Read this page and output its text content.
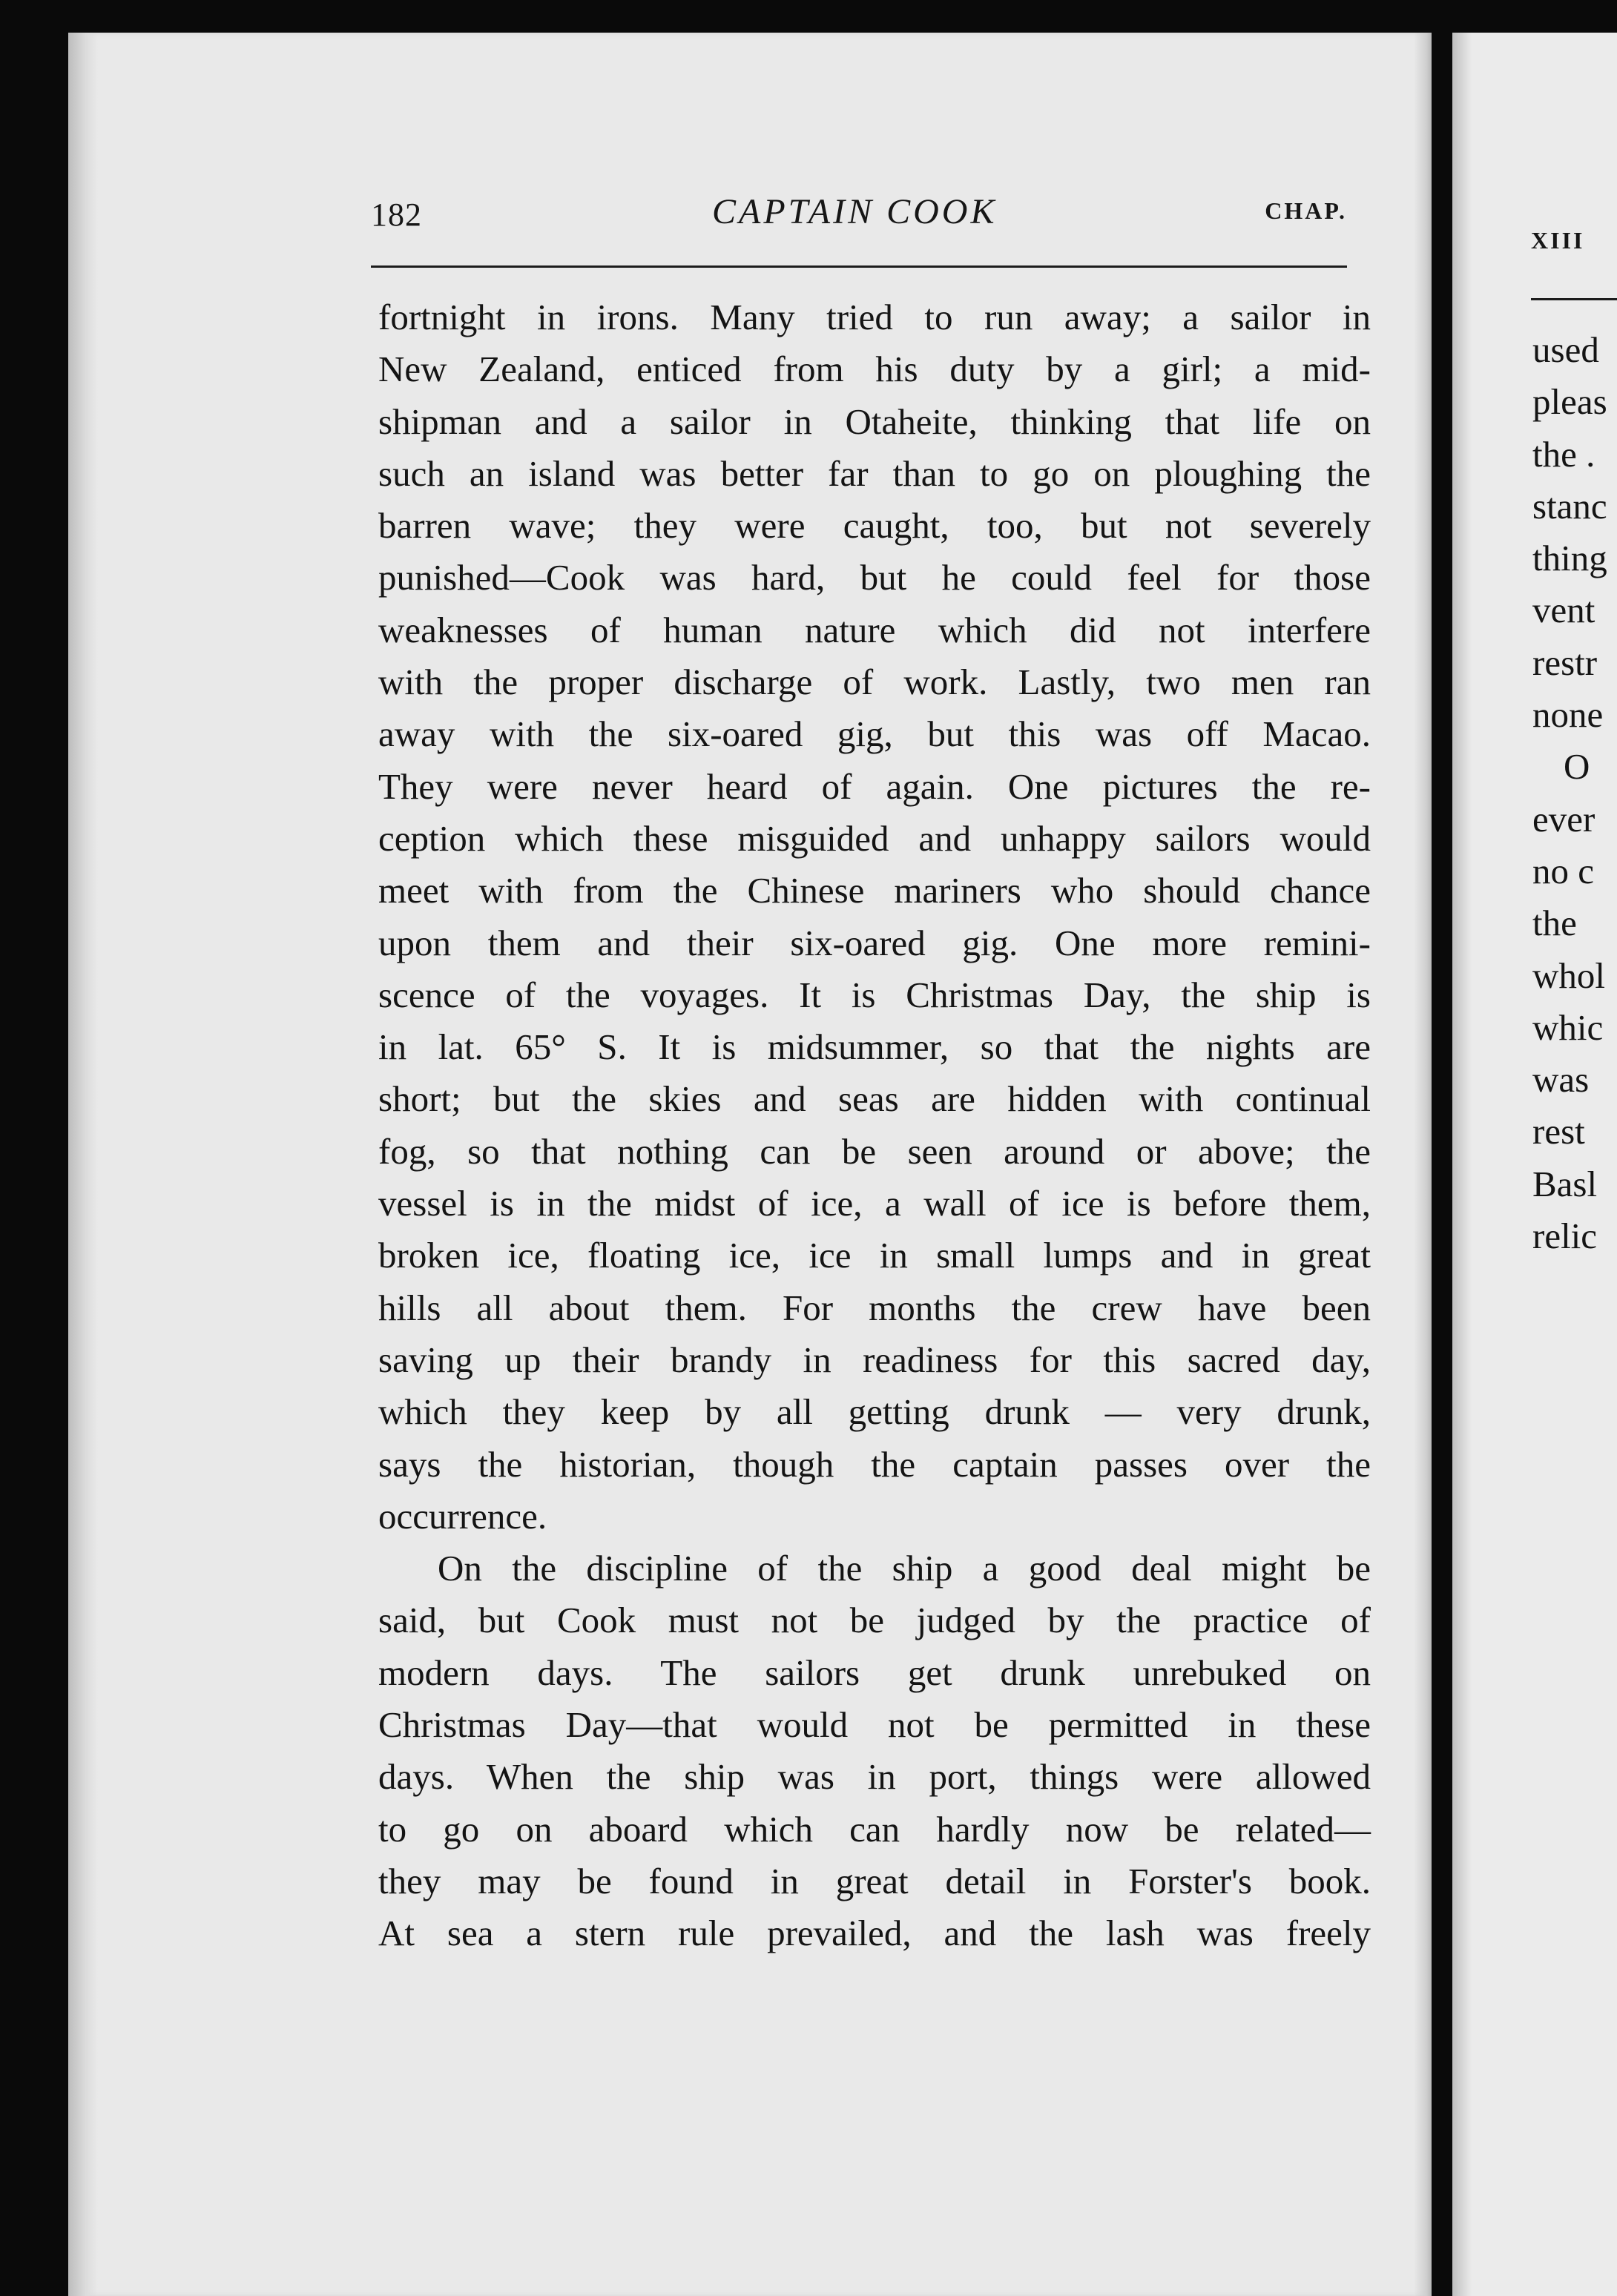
182	CAPTAIN COOK	CHAP.
fortnight in irons. Many tried to run away; a sailor in
New Zealand, enticed from his duty by a girl; a mid-
shipman and a sailor in Otaheite, thinking that life on
such an island was better far than to go on ploughing the
barren wave; they were caught, too, but not severely
punished—Cook was hard, but he could feel for those
weaknesses of human nature which did not interfere
with the proper discharge of work. Lastly, two men ran
away with the six-oared gig, but this was off Macao.
They were never heard of again. One pictures the re-
ception which these misguided and unhappy sailors would
meet with from the Chinese mariners who should chance
upon them and their six-oared gig. One more remini-
scence of the voyages. It is Christmas Day, the ship is
in lat. 65° S. It is midsummer, so that the nights are
short; but the skies and seas are hidden with continual
fog, so that nothing can be seen around or above; the
vessel is in the midst of ice, a wall of ice is before them,
broken ice, floating ice, ice in small lumps and in great
hills all about them. For months the crew have been
saving up their brandy in readiness for this sacred day,
which they keep by all getting drunk — very drunk,
says the historian, though the captain passes over the
occurrence.
On the discipline of the ship a good deal might be
said, but Cook must not be judged by the practice of
modern days. The sailors get drunk unrebuked on
Christmas Day—that would not be permitted in these
days. When the ship was in port, things were allowed
to go on aboard which can hardly now be related—
they may be found in great detail in Forster's book.
At sea a stern rule prevailed, and the lash was freely
XIII
used
pleas
the .
stanc
thing
vent
restr
none
O
ever
no c
the
whol
whic
was
rest
Basl
relic
